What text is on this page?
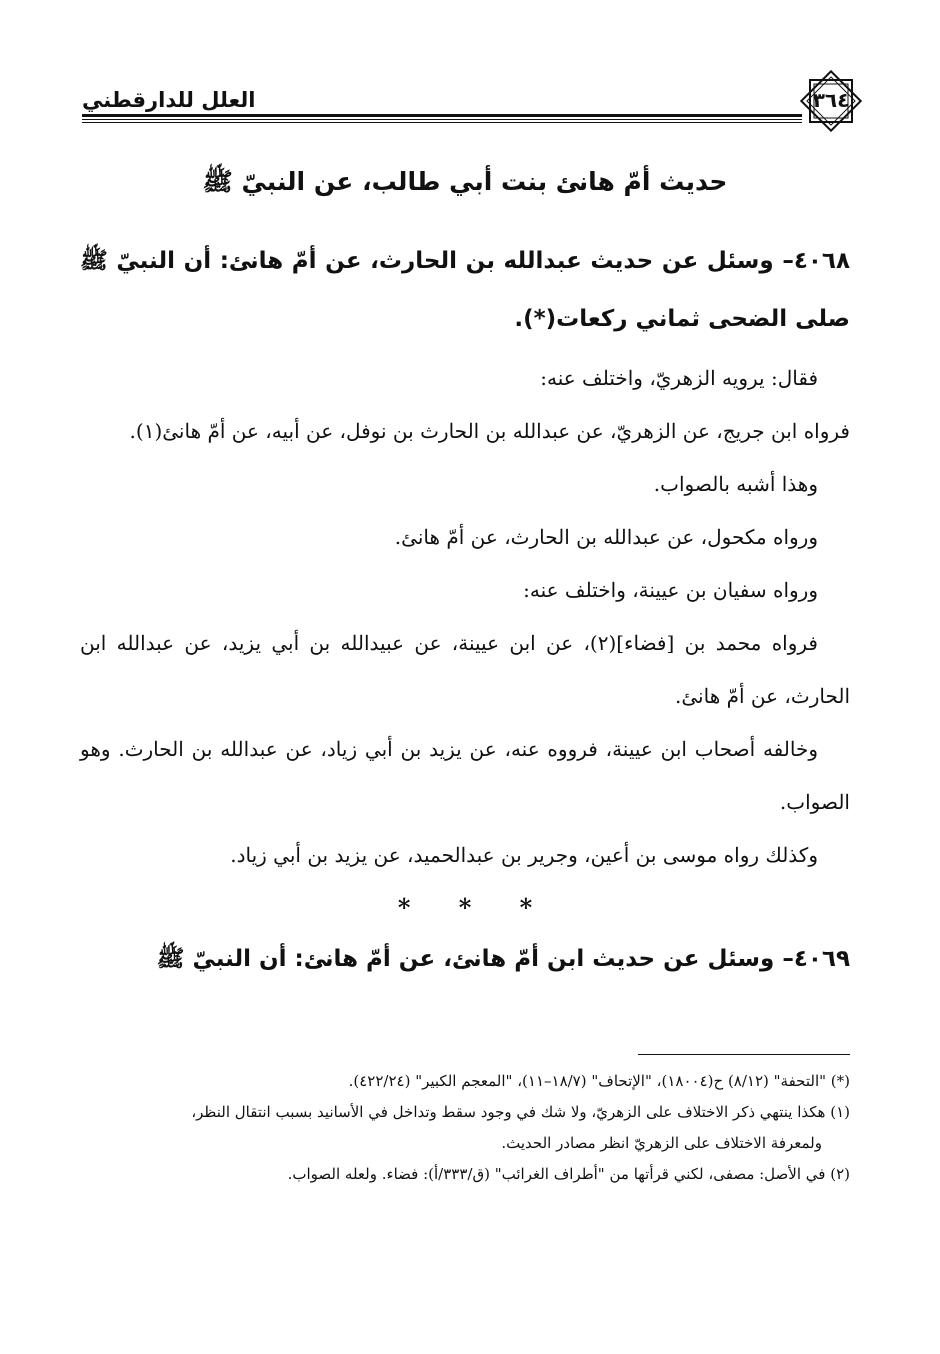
العلل للدارقطني	٣٦٤
حديث أمّ هانئ بنت أبي طالب، عن النبيّ ﷺ

٤٠٦٨– وسئل عن حديث عبدالله بن الحارث، عن أمّ هانئ: أن النبيّ ﷺ صلى الضحى ثماني ركعات(*).

فقال: يرويه الزهريّ، واختلف عنه:

فرواه ابن جريج، عن الزهريّ، عن عبدالله بن الحارث بن نوفل، عن أبيه، عن أمّ هانئ(١).

وهذا أشبه بالصواب.

ورواه مكحول، عن عبدالله بن الحارث، عن أمّ هانئ.

ورواه سفيان بن عيينة، واختلف عنه:

فرواه محمد بن [فضاء](٢)، عن ابن عيينة، عن عبيدالله بن أبي يزيد، عن عبدالله ابن الحارث، عن أمّ هانئ.

وخالفه أصحاب ابن عيينة، فرووه عنه، عن يزيد بن أبي زياد، عن عبدالله بن الحارث. وهو الصواب.

وكذلك رواه موسى بن أعين، وجرير بن عبدالحميد، عن يزيد بن أبي زياد.

* * *

٤٠٦٩– وسئل عن حديث ابن أمّ هانئ، عن أمّ هانئ: أن النبيّ ﷺ

(*) "التحفة" (٨/١٢) ح(١٨٠٠٤)، "الإتحاف" (١٨/٧–١١)، "المعجم الكبير" (٤٢٢/٢٤).

(١) هكذا ينتهي ذكر الاختلاف على الزهريّ، ولا شك في وجود سقط وتداخل في الأسانيد بسبب انتقال النظر،

ولمعرفة الاختلاف على الزهريّ انظر مصادر الحديث.

(٢) في الأصل: مصفى، لكني قرأتها من "أطراف الغرائب" (ق/٣٣٣/أ): فضاء. ولعله الصواب.
